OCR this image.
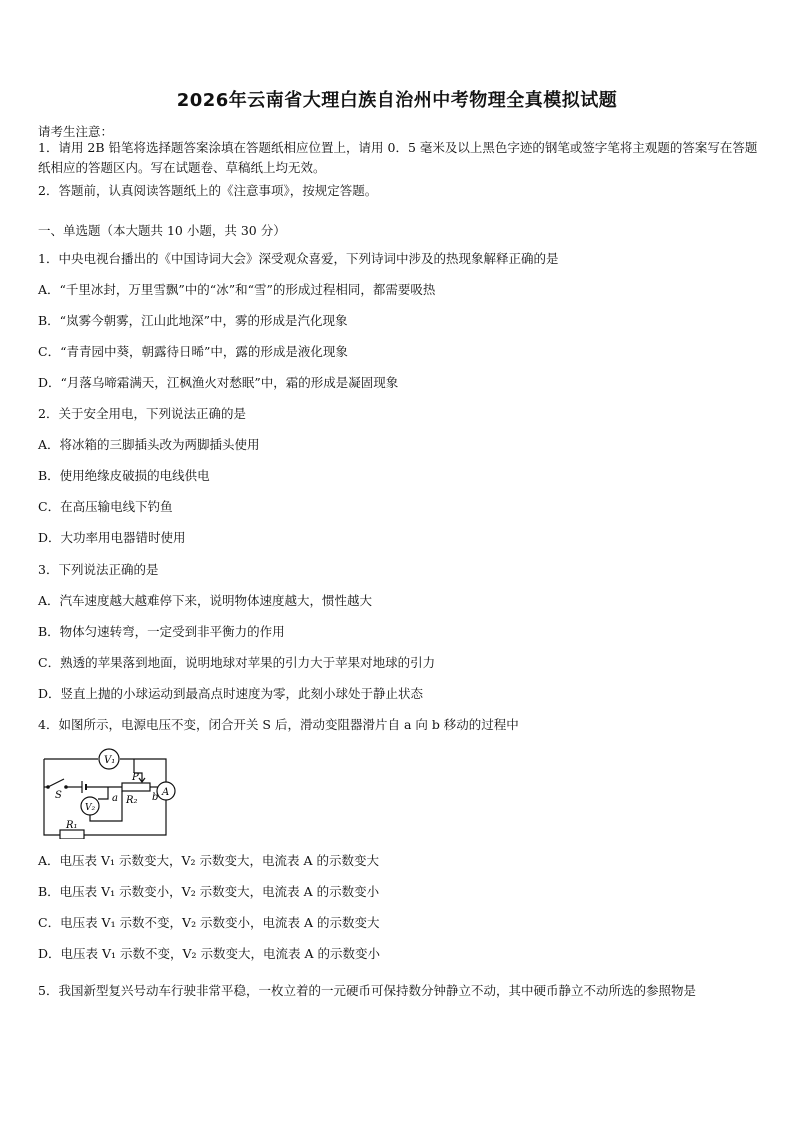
2026年云南省大理白族自治州中考物理全真模拟试题
请考生注意：
1．请用 2B 铅笔将选择题答案涂填在答题纸相应位置上，请用 0．5 毫米及以上黑色字迹的钢笔或签字笔将主观题的答案写在答题纸相应的答题区内。写在试题卷、草稿纸上均无效。
2．答题前，认真阅读答题纸上的《注意事项》，按规定答题。
一、单选题（本大题共 10 小题，共 30 分）
1．中央电视台播出的《中国诗词大会》深受观众喜爱，下列诗词中涉及的热现象解释正确的是
A．“千里冰封，万里雪飘”中的“冰”和“雪”的形成过程相同，都需要吸热
B．“岚雾今朝雾，江山此地深”中，雾的形成是汽化现象
C．“青青园中葵，朝露待日晞”中，露的形成是液化现象
D．“月落乌啼霜满天，江枫渔火对愁眠”中，霜的形成是凝固现象
2．关于安全用电，下列说法正确的是
A．将冰箱的三脚插头改为两脚插头使用
B．使用绝缘皮破损的电线供电
C．在高压输电线下钓鱼
D．大功率用电器错时使用
3．下列说法正确的是
A．汽车速度越大越难停下来，说明物体速度越大，惯性越大
B．物体匀速转弯，一定受到非平衡力的作用
C．熟透的苹果落到地面，说明地球对苹果的引力大于苹果对地球的引力
D．竖直上抛的小球运动到最高点时速度为零，此刻小球处于静止状态
4．如图所示，电源电压不变，闭合开关 S 后，滑动变阻器滑片自 a 向 b 移动的过程中
V₁
V₂
A
S
P
a	b
R₂
R₁
A．电压表 V₁ 示数变大，V₂ 示数变大，电流表 A 的示数变大
B．电压表 V₁ 示数变小，V₂ 示数变大，电流表 A 的示数变小
C．电压表 V₁ 示数不变，V₂ 示数变小，电流表 A 的示数变大
D．电压表 V₁ 示数不变，V₂ 示数变大，电流表 A 的示数变小
5．我国新型复兴号动车行驶非常平稳，一枚立着的一元硬币可保持数分钟静立不动，其中硬币静立不动所选的参照物是
